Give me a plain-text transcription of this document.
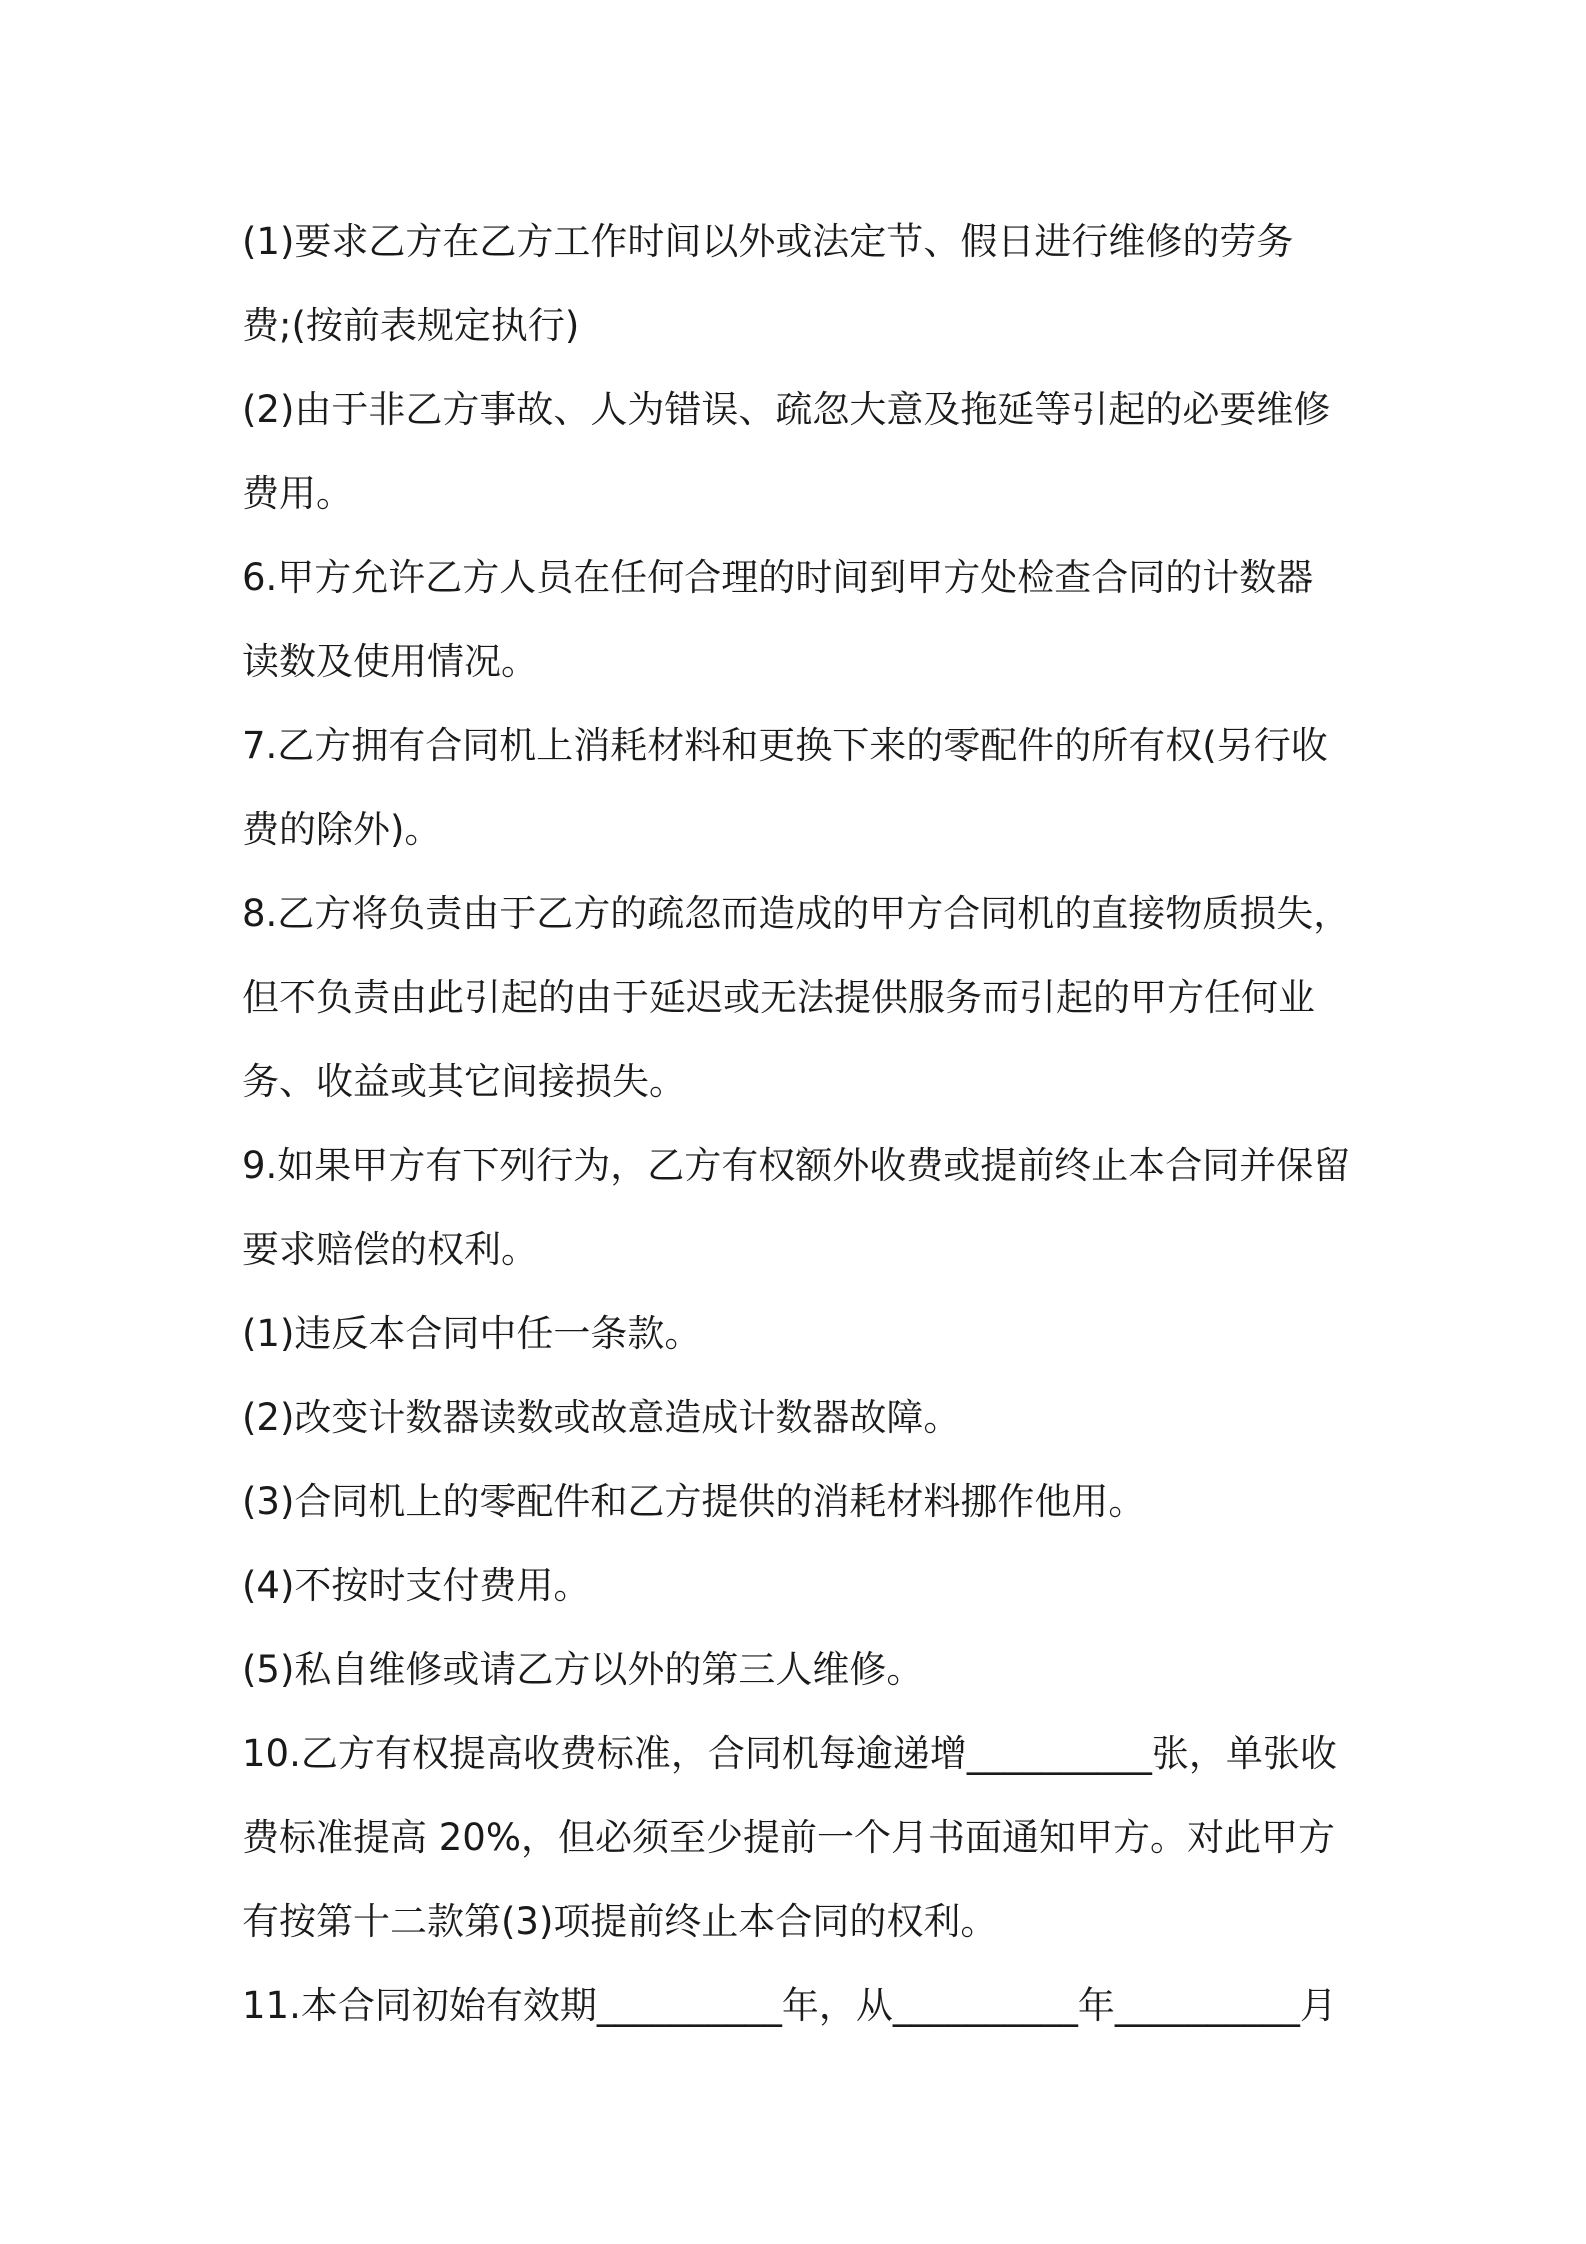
(1)要求乙方在乙方工作时间以外或法定节、假日进行维修的劳务
费;(按前表规定执行)
(2)由于非乙方事故、人为错误、疏忽大意及拖延等引起的必要维修
费用。
6.甲方允许乙方人员在任何合理的时间到甲方处检查合同的计数器
读数及使用情况。
7.乙方拥有合同机上消耗材料和更换下来的零配件的所有权(另行收
费的除外)。
8.乙方将负责由于乙方的疏忽而造成的甲方合同机的直接物质损失，
但不负责由此引起的由于延迟或无法提供服务而引起的甲方任何业
务、收益或其它间接损失。
9.如果甲方有下列行为，乙方有权额外收费或提前终止本合同并保留
要求赔偿的权利。
(1)违反本合同中任一条款。
(2)改变计数器读数或故意造成计数器故障。
(3)合同机上的零配件和乙方提供的消耗材料挪作他用。
(4)不按时支付费用。
(5)私自维修或请乙方以外的第三人维修。
10.乙方有权提高收费标准，合同机每逾递增__________张，单张收
费标准提高 20%，但必须至少提前一个月书面通知甲方。对此甲方
有按第十二款第(3)项提前终止本合同的权利。
11.本合同初始有效期__________年，从__________年__________月
